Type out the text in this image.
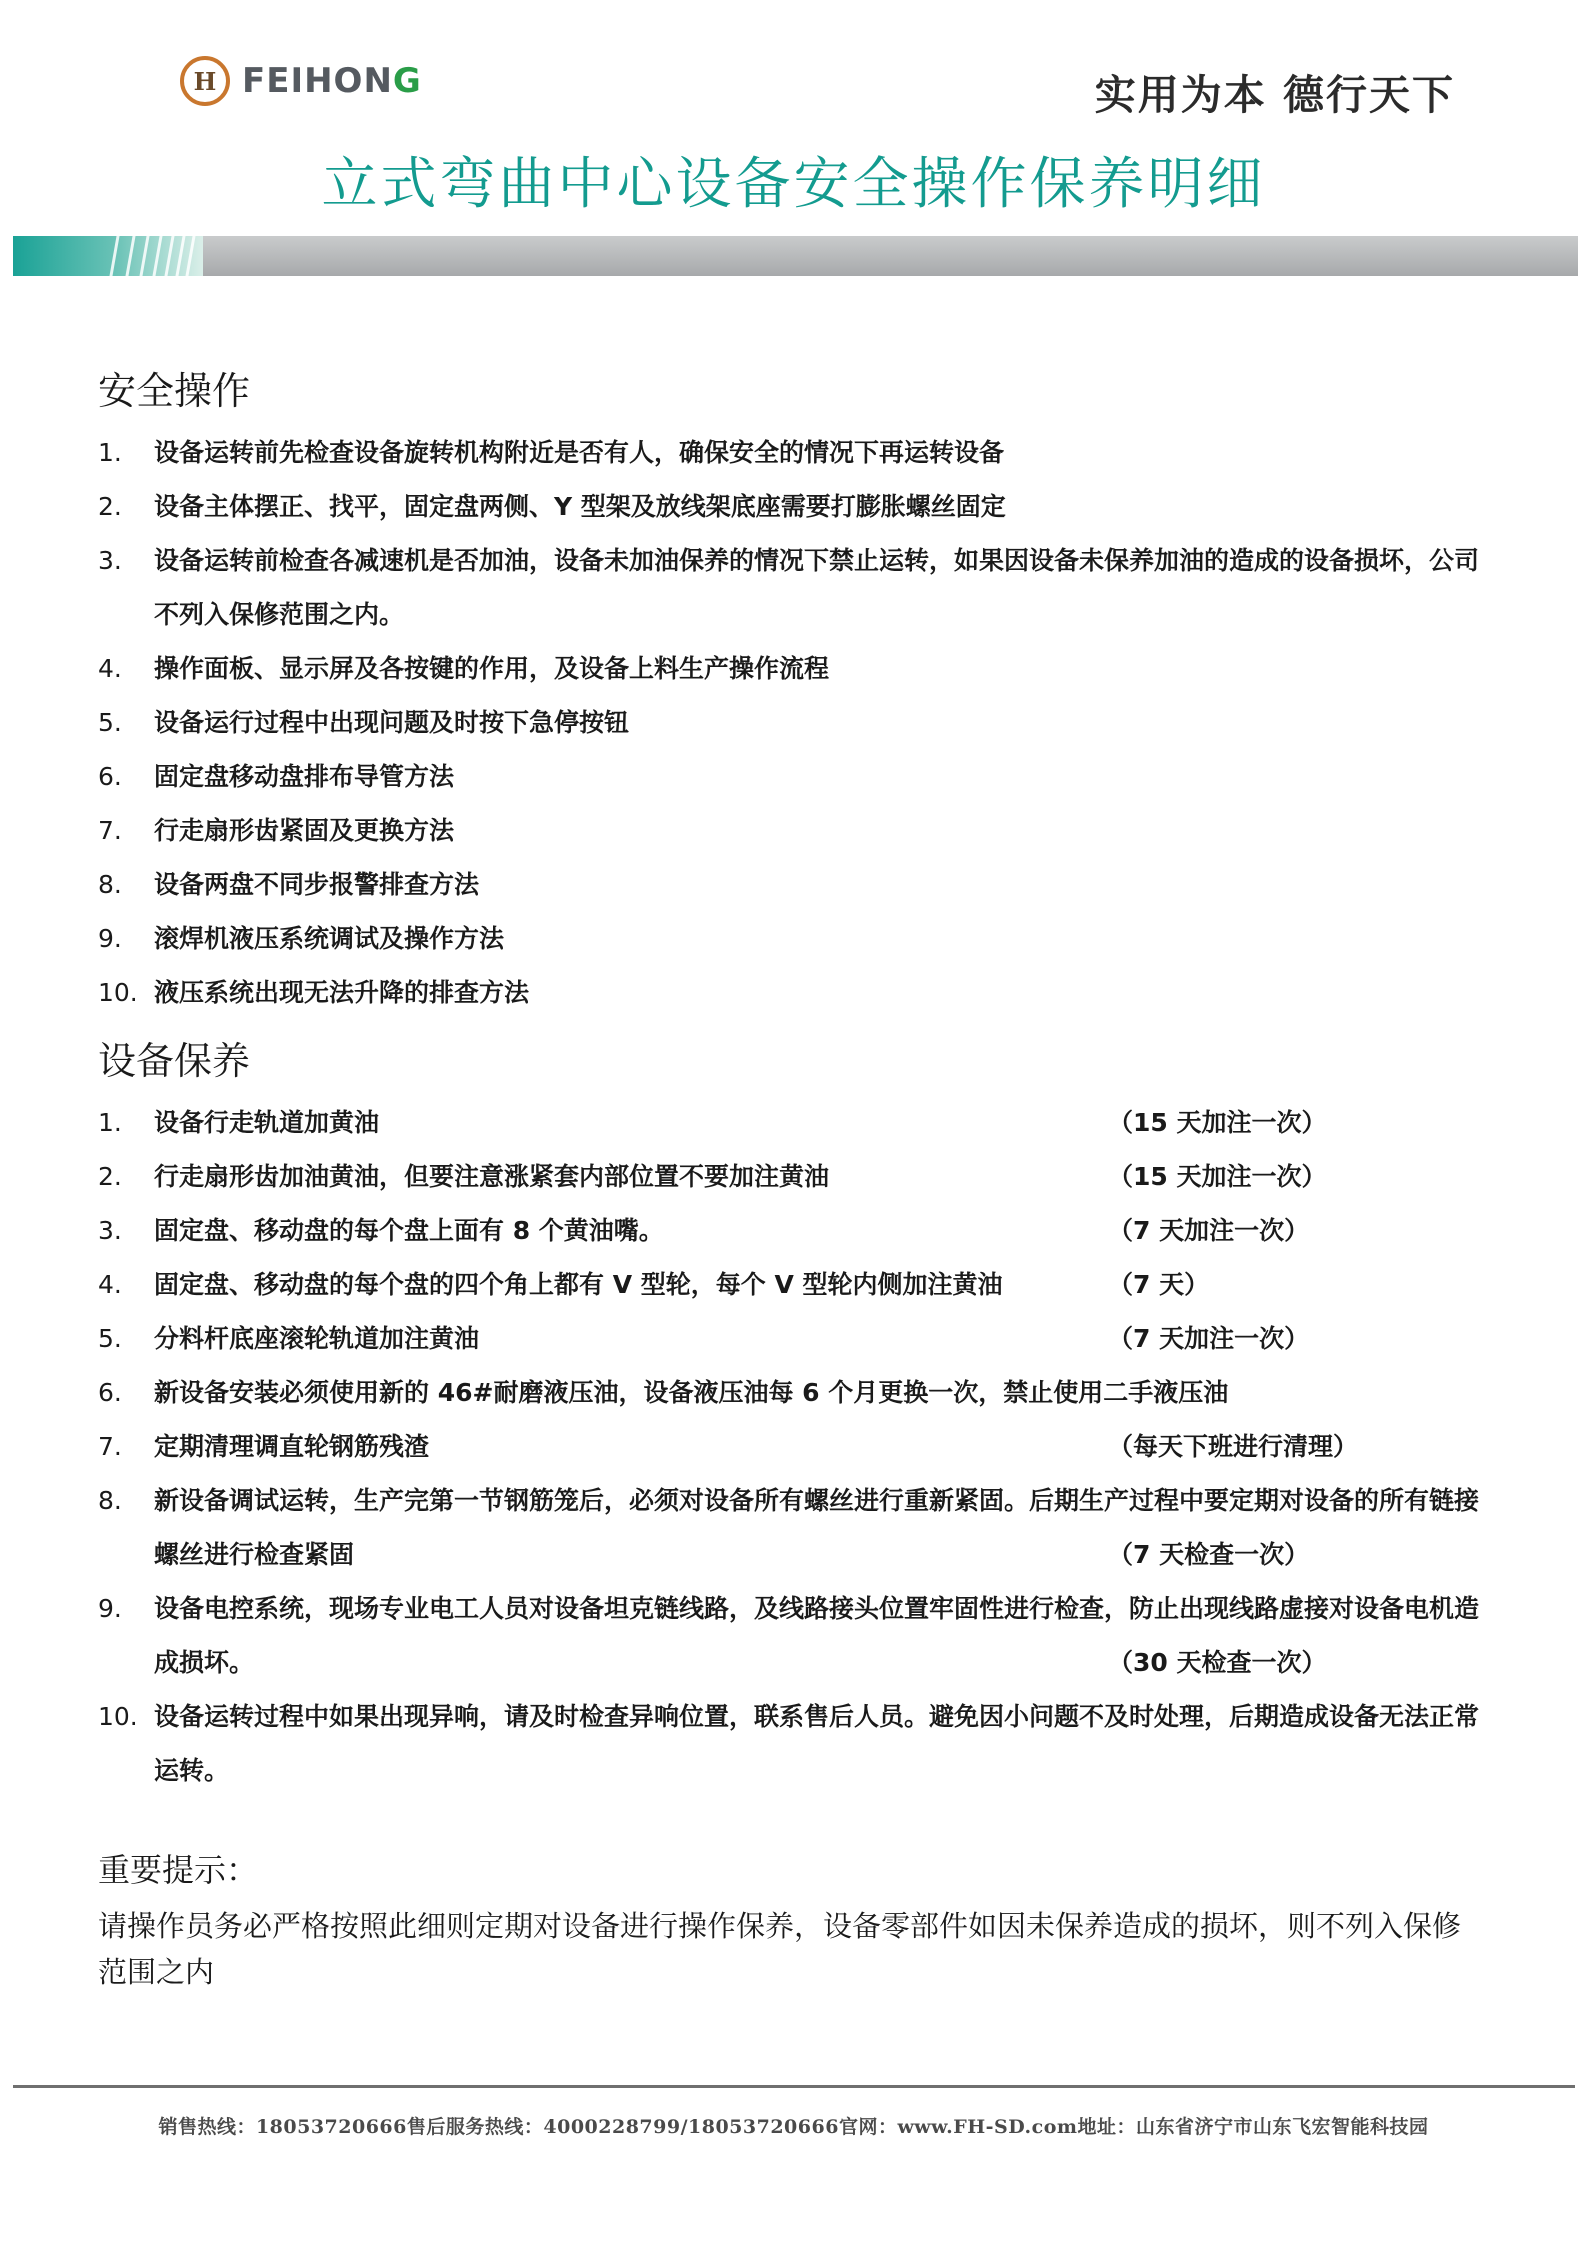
H FEIHONG	实用为本 德行天下
立式弯曲中心设备安全操作保养明细
安全操作
1.	设备运转前先检查设备旋转机构附近是否有人，确保安全的情况下再运转设备
2.	设备主体摆正、找平，固定盘两侧、Y 型架及放线架底座需要打膨胀螺丝固定
3.	设备运转前检查各减速机是否加油，设备未加油保养的情况下禁止运转，如果因设备未保养加油的造成的设备损坏，公司不列入保修范围之内。
4.	操作面板、显示屏及各按键的作用，及设备上料生产操作流程
5.	设备运行过程中出现问题及时按下急停按钮
6.	固定盘移动盘排布导管方法
7.	行走扇形齿紧固及更换方法
8.	设备两盘不同步报警排查方法
9.	滚焊机液压系统调试及操作方法
10. 液压系统出现无法升降的排查方法
设备保养
1.	设备行走轨道加黄油	（15 天加注一次）
2.	行走扇形齿加油黄油，但要注意涨紧套内部位置不要加注黄油	（15 天加注一次）
3.	固定盘、移动盘的每个盘上面有 8 个黄油嘴。	（7 天加注一次）
4.	固定盘、移动盘的每个盘的四个角上都有 V 型轮，每个 V 型轮内侧加注黄油	（7 天）
5.	分料杆底座滚轮轨道加注黄油	（7 天加注一次）
6.	新设备安装必须使用新的 46#耐磨液压油，设备液压油每 6 个月更换一次，禁止使用二手液压油
7.	定期清理调直轮钢筋残渣	（每天下班进行清理）
8.	新设备调试运转，生产完第一节钢筋笼后，必须对设备所有螺丝进行重新紧固。后期生产过程中要定期对设备的所有链接螺丝进行检查紧固	（7 天检查一次）
9.	设备电控系统，现场专业电工人员对设备坦克链线路，及线路接头位置牢固性进行检查，防止出现线路虚接对设备电机造成损坏。	（30 天检查一次）
10. 设备运转过程中如果出现异响，请及时检查异响位置，联系售后人员。避免因小问题不及时处理，后期造成设备无法正常运转。
重要提示：
请操作员务必严格按照此细则定期对设备进行操作保养，设备零部件如因未保养造成的损坏，则不列入保修范围之内
销售热线：18053720666售后服务热线：4000228799/18053720666官网：www.FH-SD.com地址：山东省济宁市山东飞宏智能科技园
